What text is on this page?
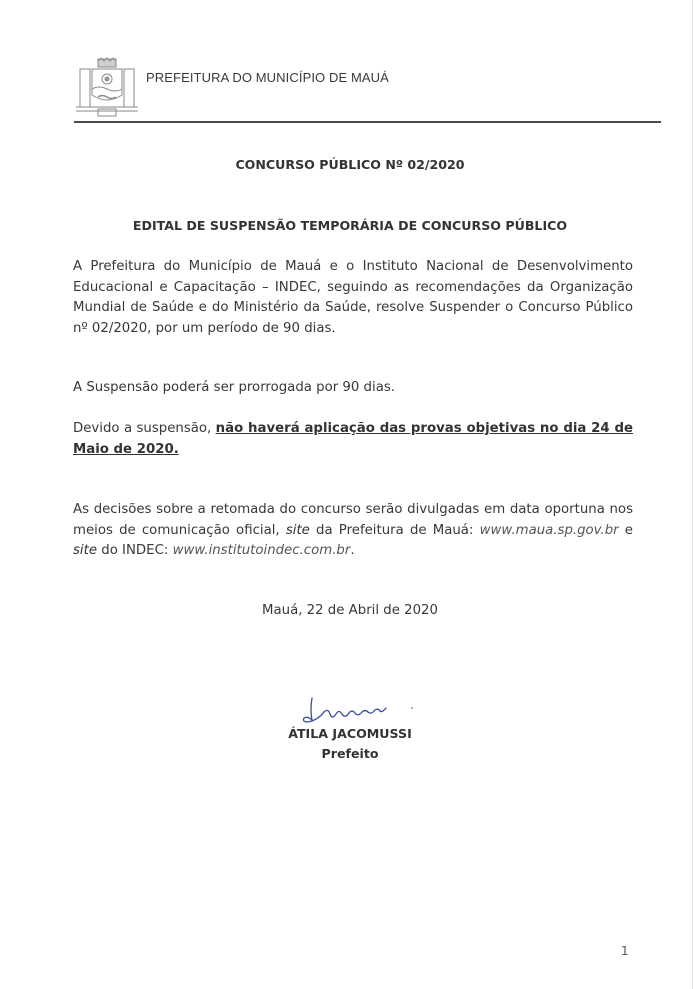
PREFEITURA DO MUNICÍPIO DE MAUÁ
CONCURSO PÚBLICO Nº 02/2020
EDITAL DE SUSPENSÃO TEMPORÁRIA DE CONCURSO PÚBLICO

A Prefeitura do Município de Mauá e o Instituto Nacional de Desenvolvimento Educacional e Capacitação – INDEC, seguindo as recomendações da Organização Mundial de Saúde e do Ministério da Saúde, resolve Suspender o Concurso Público nº 02/2020, por um período de 90 dias.

A Suspensão poderá ser prorrogada por 90 dias.

Devido a suspensão, não haverá aplicação das provas objetivas no dia 24 de Maio de 2020.

As decisões sobre a retomada do concurso serão divulgadas em data oportuna nos meios de comunicação oficial, site da Prefeitura de Mauá: www.maua.sp.gov.br e site do INDEC: www.institutoindec.com.br.

Mauá, 22 de Abril de 2020
ÁTILA JACOMUSSI
Prefeito
1
